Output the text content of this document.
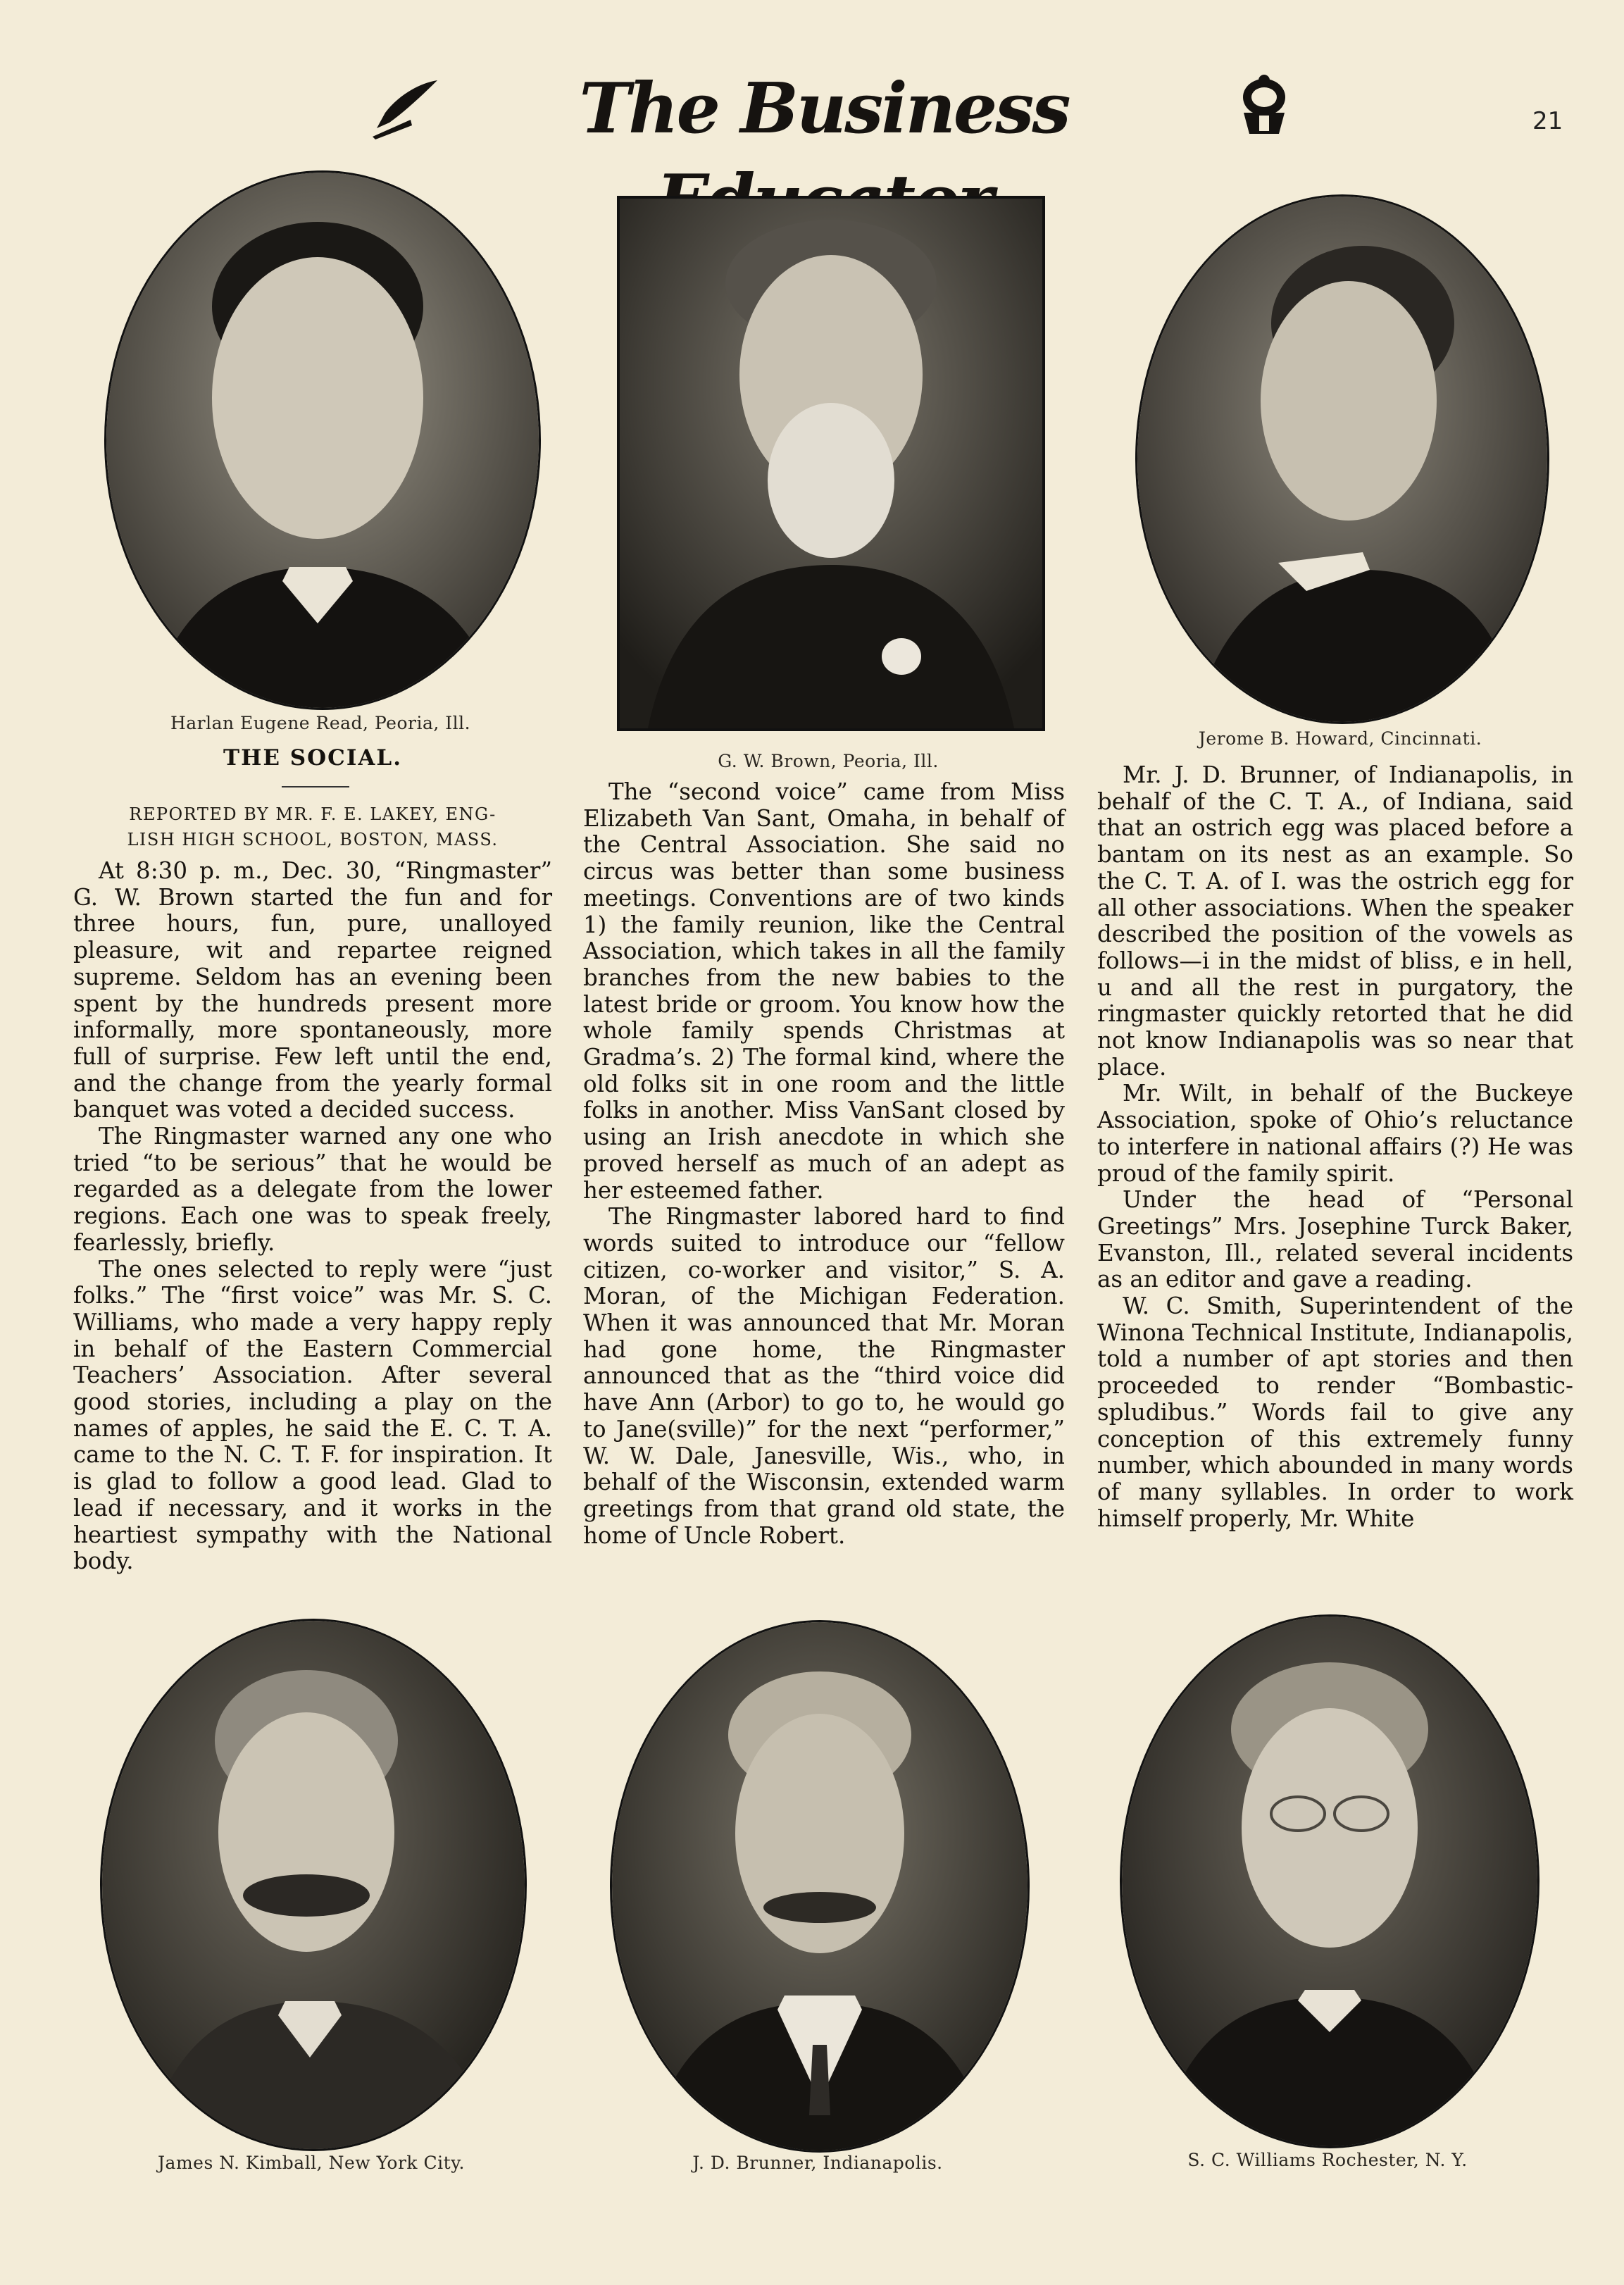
The Business	21
Harlan Eugene Read, Peoria, Ill.
G. W. Brown, Peoria, Ill.
Jerome B. Howard, Cincinnati.
THE SOCIAL.
REPORTED BY MR. F. E. LAKEY, ENG-
LISH HIGH SCHOOL, BOSTON, MASS.

At 8:30 p. m., Dec. 30, “Ringmaster” G. W. Brown started the fun and for three hours, fun, pure, unalloyed pleasure, wit and repartee reigned supreme. Seldom has an evening been spent by the hundreds present more informally, more spontaneously, more full of surprise. Few left until the end, and the change from the yearly formal banquet was voted a decided success.

The Ringmaster warned any one who tried “to be serious” that he would be regarded as a delegate from the lower regions. Each one was to speak freely, fearlessly, briefly.

The ones selected to reply were “just folks.” The “first voice” was Mr. S. C. Williams, who made a very happy reply in behalf of the Eastern Commercial Teachers’ Association. After several good stories, including a play on the names of apples, he said the E. C. T. A. came to the N. C. T. F. for inspiration. It is glad to follow a good lead. Glad to lead if necessary, and it works in the heartiest sympathy with the National body.

The “second voice” came from Miss Elizabeth Van Sant, Omaha, in behalf of the Central Association. She said no circus was better than some business meetings. Conventions are of two kinds 1) the family reunion, like the Central Association, which takes in all the family branches from the new babies to the latest bride or groom. You know how the whole family spends Christmas at Gradma’s. 2) The formal kind, where the old folks sit in one room and the little folks in another. Miss VanSant closed by using an Irish anecdote in which she proved herself as much of an adept as her esteemed father.

The Ringmaster labored hard to find words suited to introduce our “fellow citizen, co-worker and visitor,” S. A. Moran, of the Michigan Federation. When it was announced that Mr. Moran had gone home, the Ringmaster announced that as the “third voice did have Ann (Arbor) to go to, he would go to Jane(sville)” for the next “performer,” W. W. Dale, Janesville, Wis., who, in behalf of the Wisconsin, extended warm greetings from that grand old state, the home of Uncle Robert.

Mr. J. D. Brunner, of Indianapolis, in behalf of the C. T. A., of Indiana, said that an ostrich egg was placed before a bantam on its nest as an example. So the C. T. A. of I. was the ostrich egg for all other associations. When the speaker described the position of the vowels as follows—i in the midst of bliss, e in hell, u and all the rest in purgatory, the ringmaster quickly retorted that he did not know Indianapolis was so near that place.

Mr. Wilt, in behalf of the Buckeye Association, spoke of Ohio’s reluctance to interfere in national affairs (?) He was proud of the family spirit.

Under the head of “Personal Greetings” Mrs. Josephine Turck Baker, Evanston, Ill., related several incidents as an editor and gave a reading.

W. C. Smith, Superintendent of the Winona Technical Institute, Indianapolis, told a number of apt stories and then proceeded to render “Bombastic-spludibus.” Words fail to give any conception of this extremely funny number, which abounded in many words of many syllables. In order to work himself properly, Mr. White

James N. Kimball, New York City.	J. D. Brunner, Indianapolis.	S. C. Williams Rochester, N. Y.
